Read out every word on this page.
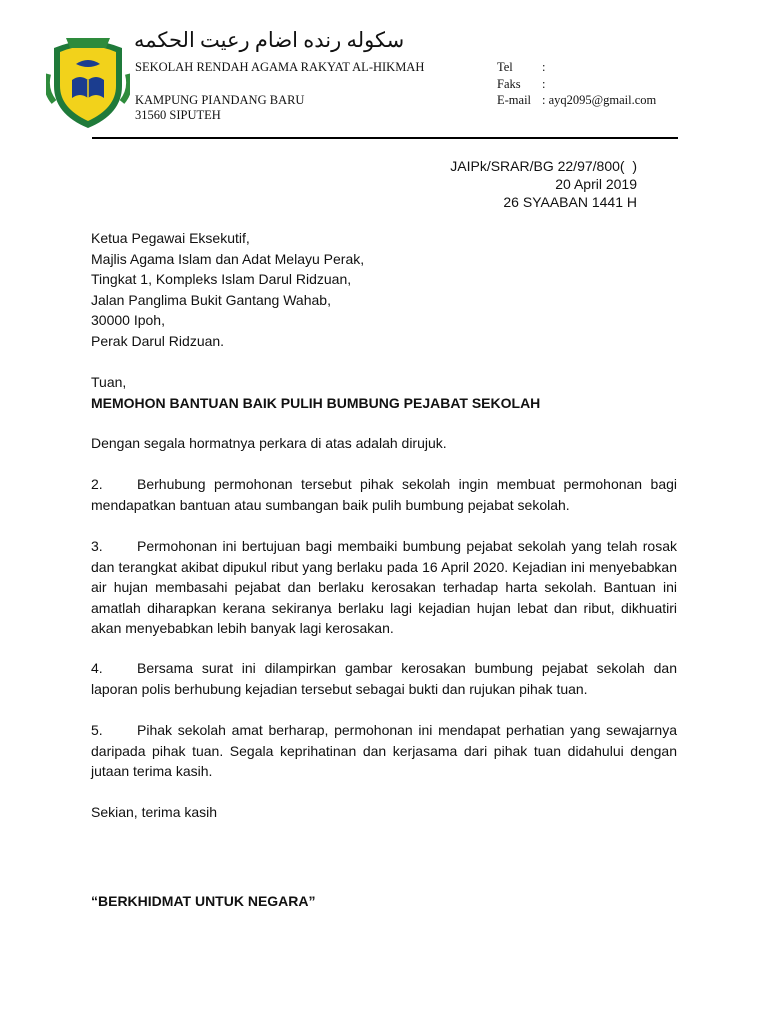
سكوله رنده اضام رعيت الحكمه
SEKOLAH RENDAH AGAMA RAKYAT AL-HIKMAH
KAMPUNG PIANDANG BARU
31560 SIPUTEH
Tel :
Faks :
E-mail : ayq2095@gmail.com
JAIPk/SRAR/BG 22/97/800(  )
20 April 2019
26 SYAABAN 1441 H
Ketua Pegawai Eksekutif,
Majlis Agama Islam dan Adat Melayu Perak,
Tingkat 1, Kompleks Islam Darul Ridzuan,
Jalan Panglima Bukit Gantang Wahab,
30000 Ipoh,
Perak Darul Ridzuan.
Tuan,
MEMOHON BANTUAN BAIK PULIH BUMBUNG PEJABAT SEKOLAH
Dengan segala hormatnya perkara di atas adalah dirujuk.
2. Berhubung permohonan tersebut pihak sekolah ingin membuat permohonan bagi mendapatkan bantuan atau sumbangan baik pulih bumbung pejabat sekolah.
3. Permohonan ini bertujuan bagi membaiki bumbung pejabat sekolah yang telah rosak dan terangkat akibat dipukul ribut yang berlaku pada 16 April 2020. Kejadian ini menyebabkan air hujan membasahi pejabat dan berlaku kerosakan terhadap harta sekolah. Bantuan ini amatlah diharapkan kerana sekiranya berlaku lagi kejadian hujan lebat dan ribut, dikhuatiri akan menyebabkan lebih banyak lagi kerosakan.
4. Bersama surat ini dilampirkan gambar kerosakan bumbung pejabat sekolah dan laporan polis berhubung kejadian tersebut sebagai bukti dan rujukan pihak tuan.
5. Pihak sekolah amat berharap, permohonan ini mendapat perhatian yang sewajarnya daripada pihak tuan. Segala keprihatinan dan kerjasama dari pihak tuan didahului dengan jutaan terima kasih.
Sekian, terima kasih
“BERKHIDMAT UNTUK NEGARA”
